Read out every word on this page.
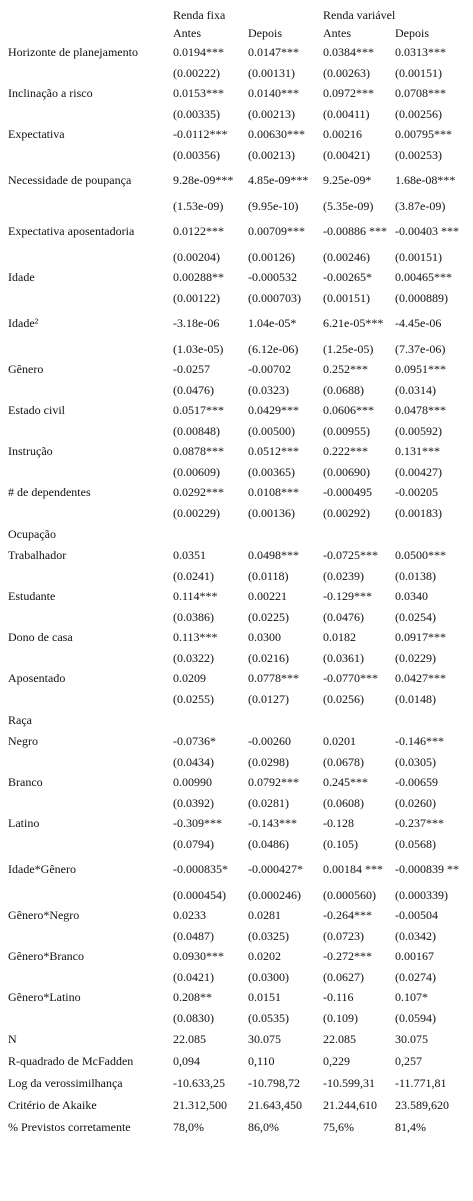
	Renda fixa		Renda variável	
	Antes	Depois	Antes	Depois
Horizonte de planejamento	0.0194***	0.0147***	0.0384***	0.0313***
	(0.00222)	(0.00131)	(0.00263)	(0.00151)
Inclinação a risco	0.0153***	0.0140***	0.0972***	0.0708***
	(0.00335)	(0.00213)	(0.00411)	(0.00256)
Expectativa	-0.0112***	0.00630***	0.00216	0.00795***
	(0.00356)	(0.00213)	(0.00421)	(0.00253)
Necessidade de poupança	9.28e-09***	4.85e-09***	9.25e-09*	1.68e-08***
	(1.53e-09)	(9.95e-10)	(5.35e-09)	(3.87e-09)
Expectativa aposentadoria	0.0122***	0.00709***	-0.00886 ***	-0.00403 ***
	(0.00204)	(0.00126)	(0.00246)	(0.00151)
Idade	0.00288**	-0.000532	-0.00265*	0.00465***
	(0.00122)	(0.000703)	(0.00151)	(0.000889)
Idade²	-3.18e-06	1.04e-05*	6.21e-05***	-4.45e-06
	(1.03e-05)	(6.12e-06)	(1.25e-05)	(7.37e-06)
Gênero	-0.0257	-0.00702	0.252***	0.0951***
	(0.0476)	(0.0323)	(0.0688)	(0.0314)
Estado civil	0.0517***	0.0429***	0.0606***	0.0478***
	(0.00848)	(0.00500)	(0.00955)	(0.00592)
Instrução	0.0878***	0.0512***	0.222***	0.131***
	(0.00609)	(0.00365)	(0.00690)	(0.00427)
# de dependentes	0.0292***	0.0108***	-0.000495	-0.00205
	(0.00229)	(0.00136)	(0.00292)	(0.00183)
Ocupação				
Trabalhador	0.0351	0.0498***	-0.0725***	0.0500***
	(0.0241)	(0.0118)	(0.0239)	(0.0138)
Estudante	0.114***	0.00221	-0.129***	0.0340
	(0.0386)	(0.0225)	(0.0476)	(0.0254)
Dono de casa	0.113***	0.0300	0.0182	0.0917***
	(0.0322)	(0.0216)	(0.0361)	(0.0229)
Aposentado	0.0209	0.0778***	-0.0770***	0.0427***
	(0.0255)	(0.0127)	(0.0256)	(0.0148)
Raça				
Negro	-0.0736*	-0.00260	0.0201	-0.146***
	(0.0434)	(0.0298)	(0.0678)	(0.0305)
Branco	0.00990	0.0792***	0.245***	-0.00659
	(0.0392)	(0.0281)	(0.0608)	(0.0260)
Latino	-0.309***	-0.143***	-0.128	-0.237***
	(0.0794)	(0.0486)	(0.105)	(0.0568)
Idade*Gênero	-0.000835*	-0.000427*	0.00184 ***	-0.000839 **
	(0.000454)	(0.000246)	(0.000560)	(0.000339)
Gênero*Negro	0.0233	0.0281	-0.264***	-0.00504
	(0.0487)	(0.0325)	(0.0723)	(0.0342)
Gênero*Branco	0.0930***	0.0202	-0.272***	0.00167
	(0.0421)	(0.0300)	(0.0627)	(0.0274)
Gênero*Latino	0.208**	0.0151	-0.116	0.107*
	(0.0830)	(0.0535)	(0.109)	(0.0594)
N	22.085	30.075	22.085	30.075
R-quadrado de McFadden	0,094	0,110	0,229	0,257
Log da verossimilhança	-10.633,25	-10.798,72	-10.599,31	-11.771,81
Critério de Akaike	21.312,500	21.643,450	21.244,610	23.589,620
% Previstos corretamente	78,0%	86,0%	75,6%	81,4%
